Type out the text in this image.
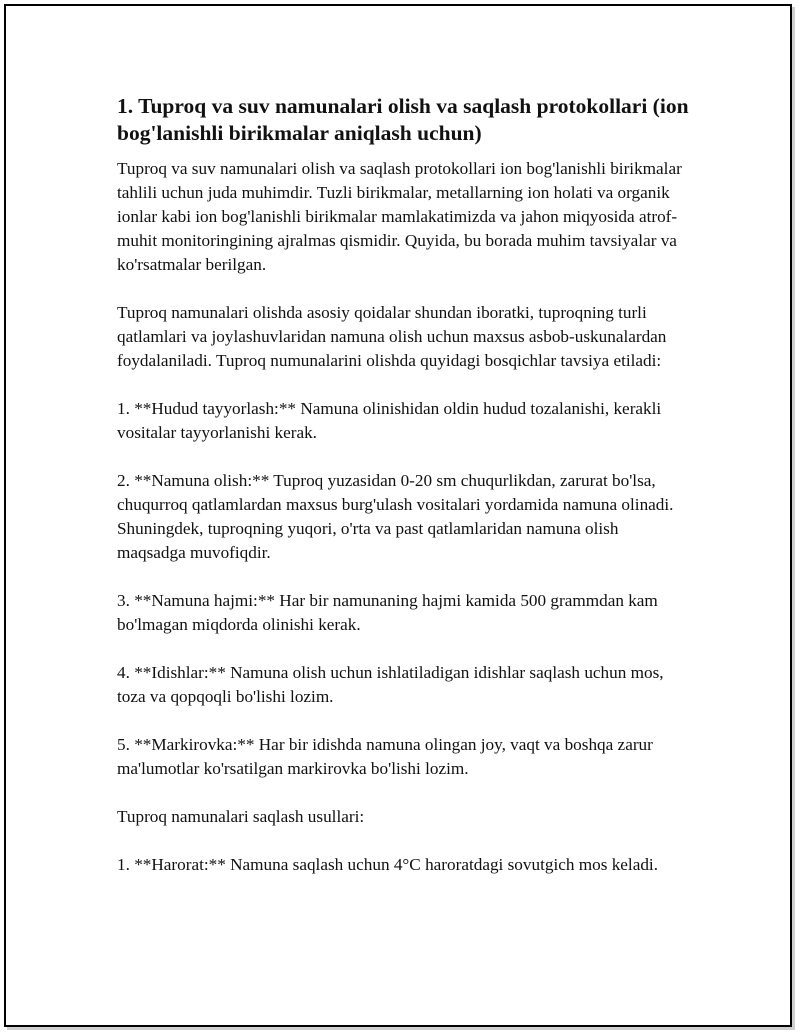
1. Tuproq va suv namunalari olish va saqlash protokollari (ion bog'lanishli birikmalar aniqlash uchun)

Tuproq va suv namunalari olish va saqlash protokollari ion bog'lanishli birikmalar tahlili uchun juda muhimdir. Tuzli birikmalar, metallarning ion holati va organik ionlar kabi ion bog'lanishli birikmalar mamlakatimizda va jahon miqyosida atrof-muhit monitoringining ajralmas qismidir. Quyida, bu borada muhim tavsiyalar va ko'rsatmalar berilgan.

Tuproq namunalari olishda asosiy qoidalar shundan iboratki, tuproqning turli qatlamlari va joylashuvlaridan namuna olish uchun maxsus asbob-uskunalardan foydalaniladi. Tuproq numunalarini olishda quyidagi bosqichlar tavsiya etiladi:

1. **Hudud tayyorlash:** Namuna olinishidan oldin hudud tozalanishi, kerakli vositalar tayyorlanishi kerak.

2. **Namuna olish:** Tuproq yuzasidan 0-20 sm chuqurlikdan, zarurat bo'lsa, chuqurroq qatlamlardan maxsus burg'ulash vositalari yordamida namuna olinadi. Shuningdek, tuproqning yuqori, o'rta va past qatlamlaridan namuna olish maqsadga muvofiqdir.

3. **Namuna hajmi:** Har bir namunaning hajmi kamida 500 grammdan kam bo'lmagan miqdorda olinishi kerak.

4. **Idishlar:** Namuna olish uchun ishlatiladigan idishlar saqlash uchun mos, toza va qopqoqli bo'lishi lozim.

5. **Markirovka:** Har bir idishda namuna olingan joy, vaqt va boshqa zarur ma'lumotlar ko'rsatilgan markirovka bo'lishi lozim.

Tuproq namunalari saqlash usullari:

1. **Harorat:** Namuna saqlash uchun 4°C haroratdagi sovutgich mos keladi.
